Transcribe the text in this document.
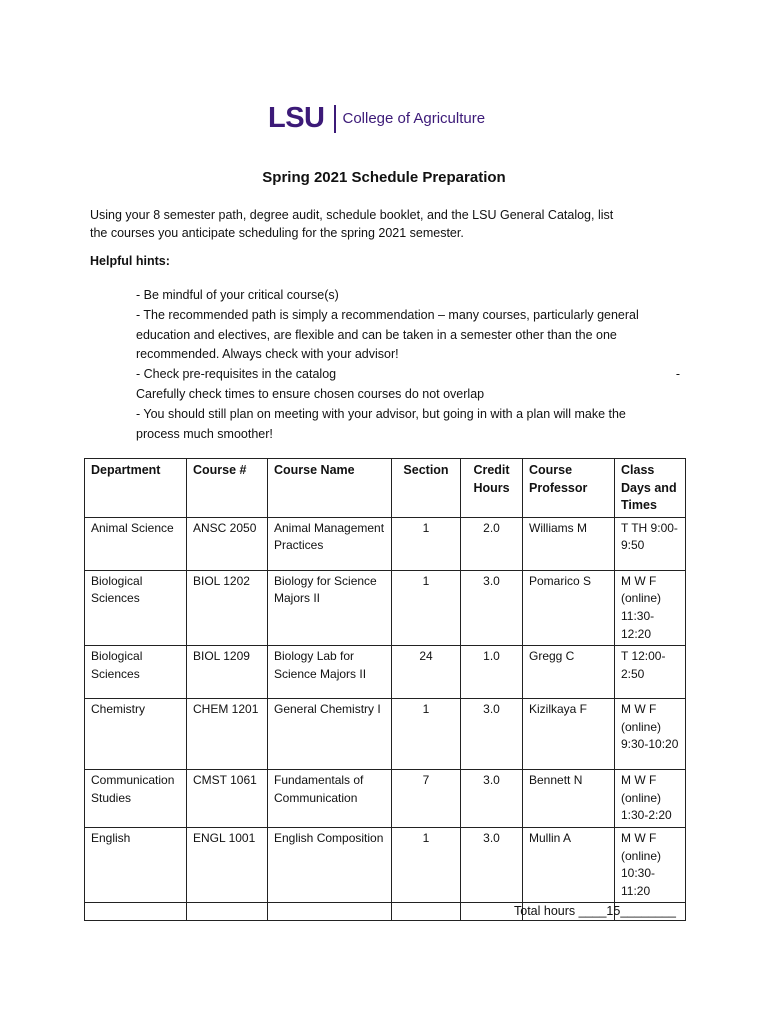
LSU College of Agriculture
Spring 2021 Schedule Preparation
Using your 8 semester path, degree audit, schedule booklet, and the LSU General Catalog, list
the courses you anticipate scheduling for the spring 2021 semester.
Helpful hints:

- Be mindful of your critical course(s)

- The recommended path is simply a recommendation – many courses, particularly general

education and electives, are flexible and can be taken in a semester other than the one

recommended. Always check with your advisor!

- Check pre-requisites in the catalog	-

Carefully check times to ensure chosen courses do not overlap

- You should still plan on meeting with your advisor, but going in with a plan will make the

process much smoother!

Department	Course #	Course Name	Section	Credit Hours	Course Professor	Class Days and Times
Animal Science	ANSC 2050	Animal Management Practices	1	2.0	Williams M	T TH 9:00-9:50
Biological Sciences	BIOL 1202	Biology for Science Majors II	1	3.0	Pomarico S	M W F (online) 11:30-12:20
Biological Sciences	BIOL 1209	Biology Lab for Science Majors II	24	1.0	Gregg C	T 12:00-2:50
Chemistry	CHEM 1201	General Chemistry I	1	3.0	Kizilkaya F	M W F (online) 9:30-10:20
Communication Studies	CMST 1061	Fundamentals of Communication	7	3.0	Bennett N	M W F (online) 1:30-2:20
English	ENGL 1001	English Composition	1	3.0	Mullin A	M W F (online) 10:30-11:20

Total hours ____15________
